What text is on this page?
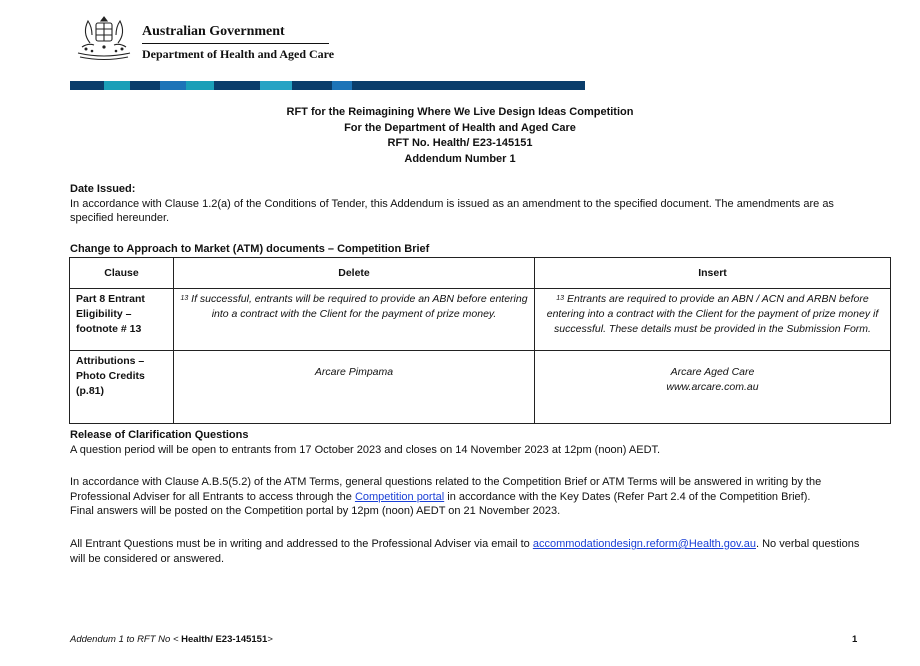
Australian Government
Department of Health and Aged Care
RFT for the Reimagining Where We Live Design Ideas Competition
For the Department of Health and Aged Care
RFT No. Health/ E23-145151
Addendum Number 1
Date Issued:
In accordance with Clause 1.2(a) of the Conditions of Tender, this Addendum is issued as an amendment to the specified document. The amendments are as specified hereunder.
Change to Approach to Market (ATM) documents – Competition Brief
Clause	Delete	Insert
Part 8 Entrant Eligibility – footnote # 13	$^{13}$ If successful, entrants will be required to provide an ABN before entering into a contract with the Client for the payment of prize money.	$^{13}$ Entrants are required to provide an ABN / ACN and ARBN before entering into a contract with the Client for the payment of prize money if successful. These details must be provided in the Submission Form.
Attributions – Photo Credits (p.81)	Arcare Pimpama	Arcare Aged Care
www.arcare.com.au
Release of Clarification Questions
A question period will be open to entrants from 17 October 2023 and closes on 14 November 2023 at 12pm (noon) AEDT.
In accordance with Clause A.B.5(5.2) of the ATM Terms, general questions related to the Competition Brief or ATM Terms will be answered in writing by the Professional Adviser for all Entrants to access through the Competition portal in accordance with the Key Dates (Refer Part 2.4 of the Competition Brief).
Final answers will be posted on the Competition portal by 12pm (noon) AEDT on 21 November 2023.
All Entrant Questions must be in writing and addressed to the Professional Adviser via email to accommodationdesign.reform@Health.gov.au. No verbal questions will be considered or answered.
Addendum 1 to RFT No < Health/ E23-145151>	1
